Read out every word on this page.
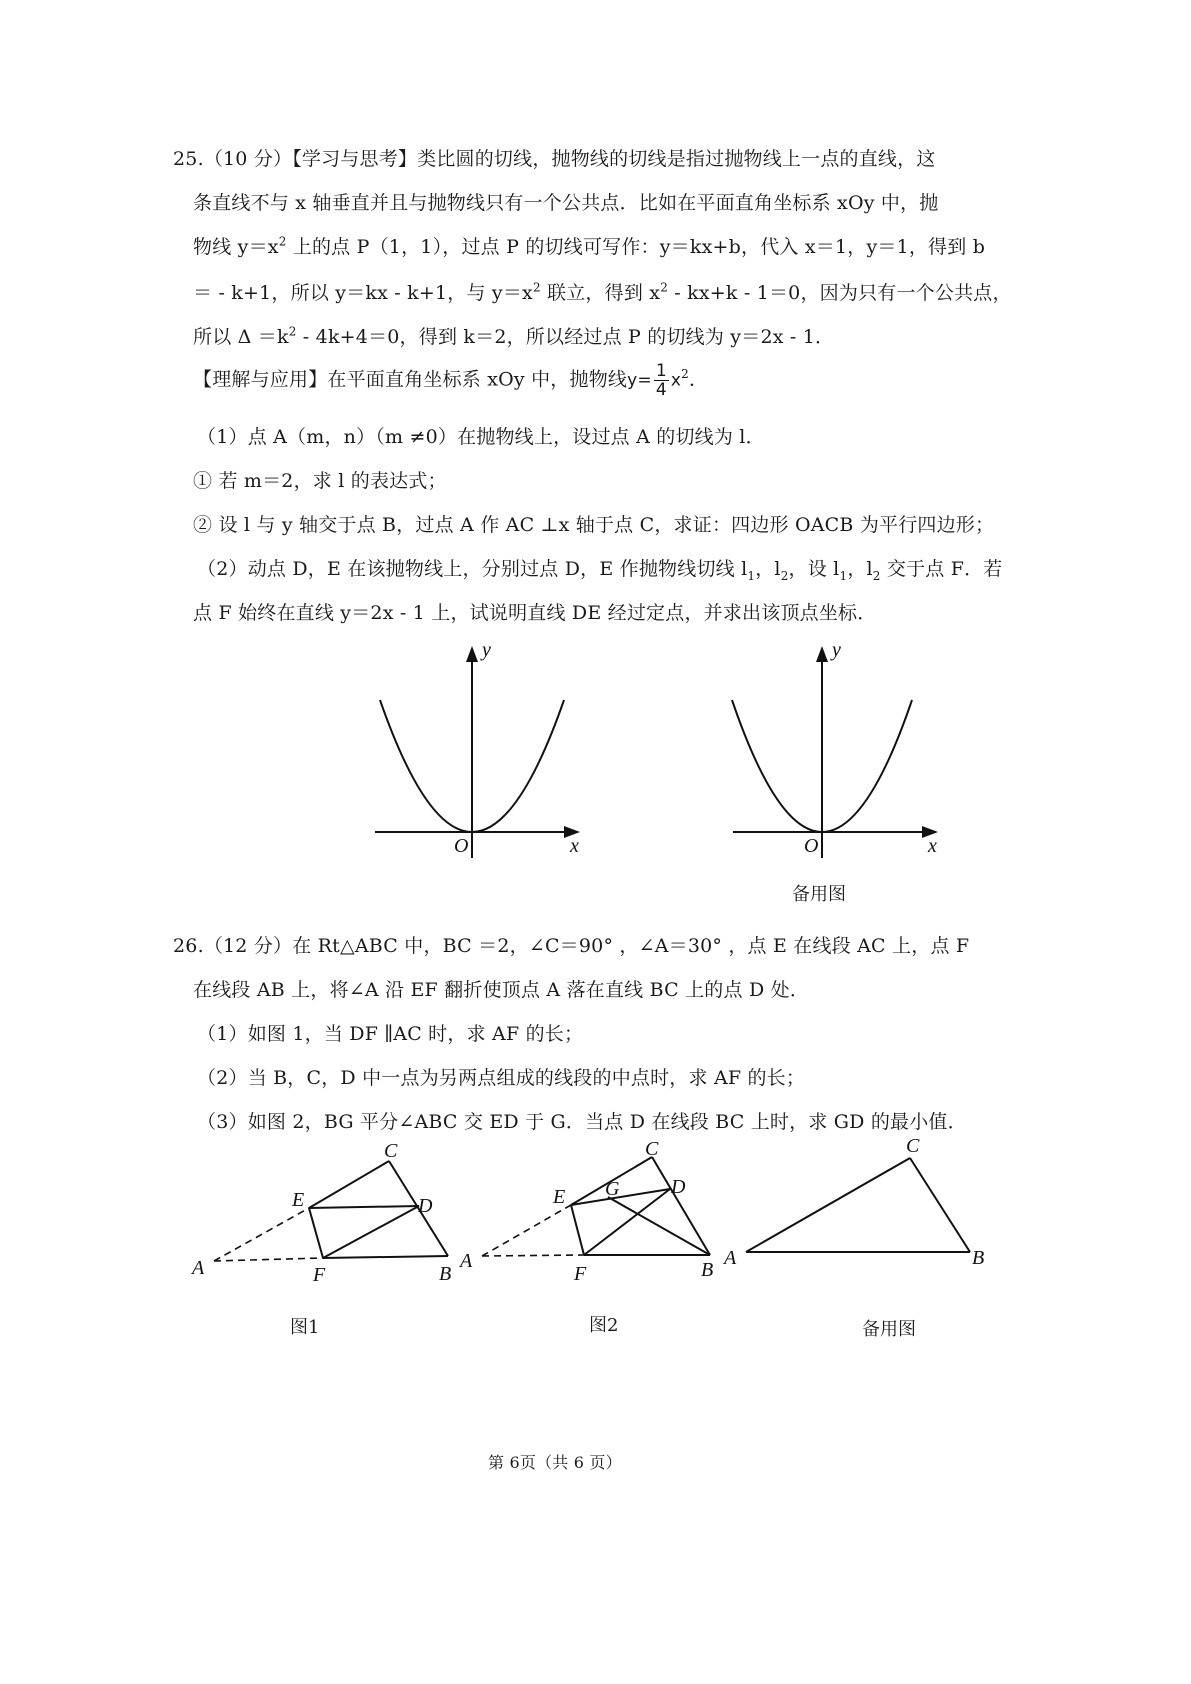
25.（10 分）【学习与思考】类比圆的切线，抛物线的切线是指过抛物线上一点的直线，这
条直线不与 x 轴垂直并且与抛物线只有一个公共点．比如在平面直角坐标系 xOy 中，抛
物线 $y=x^2$ 上的点 P（1，1），过点 P 的切线可写作：y＝kx+b，代入 x＝1，y＝1，得到 b
＝ - k+1，所以 y＝kx - k+1，与 $y=x^2$ 联立，得到 $x^2 - kx+k - 1=0$，因为只有一个公共点，
所以 $\Delta =k^2 - 4k+4=0$，得到 k＝2，所以经过点 P 的切线为 y＝2x - 1．
【理解与应用】在平面直角坐标系 xOy 中，抛物线$y= \frac{1}{4} x^2$．
（1）点 A（m，n）（m ≠0）在抛物线上，设过点 A 的切线为 l．
① 若 m＝2，求 l 的表达式；
② 设 l 与 y 轴交于点 B，过点 A 作 AC ⊥x 轴于点 C，求证：四边形 OACB 为平行四边形；
（2）动点 D，E 在该抛物线上，分别过点 D，E 作抛物线切线 $l_1$，$l_2$，设 $l_1$，$l_2$ 交于点 F．若
点 F 始终在直线 y＝2x - 1 上，试说明直线 DE 经过定点，并求出该顶点坐标．
y
x
O
y
x
O
备用图
26.（12 分）在 Rt△ABC 中，BC ＝2，∠C＝90° ，∠A＝30° ，点 E 在线段 AC 上，点 F
在线段 AB 上，将∠A 沿 EF 翻折使顶点 A 落在直线 BC 上的点 D 处．
（1）如图 1，当 DF ∥AC 时，求 AF 的长；
（2）当 B，C，D 中一点为另两点组成的线段的中点时，求 AF 的长；
（3）如图 2，BG 平分∠ABC 交 ED 于 G．当点 D 在线段 BC 上时，求 GD 的最小值．
A
E
C
D
F	B
图1
A
E G
C
D
F	B
图2
A
C
B
备用图
第 6页（共 6 页）
